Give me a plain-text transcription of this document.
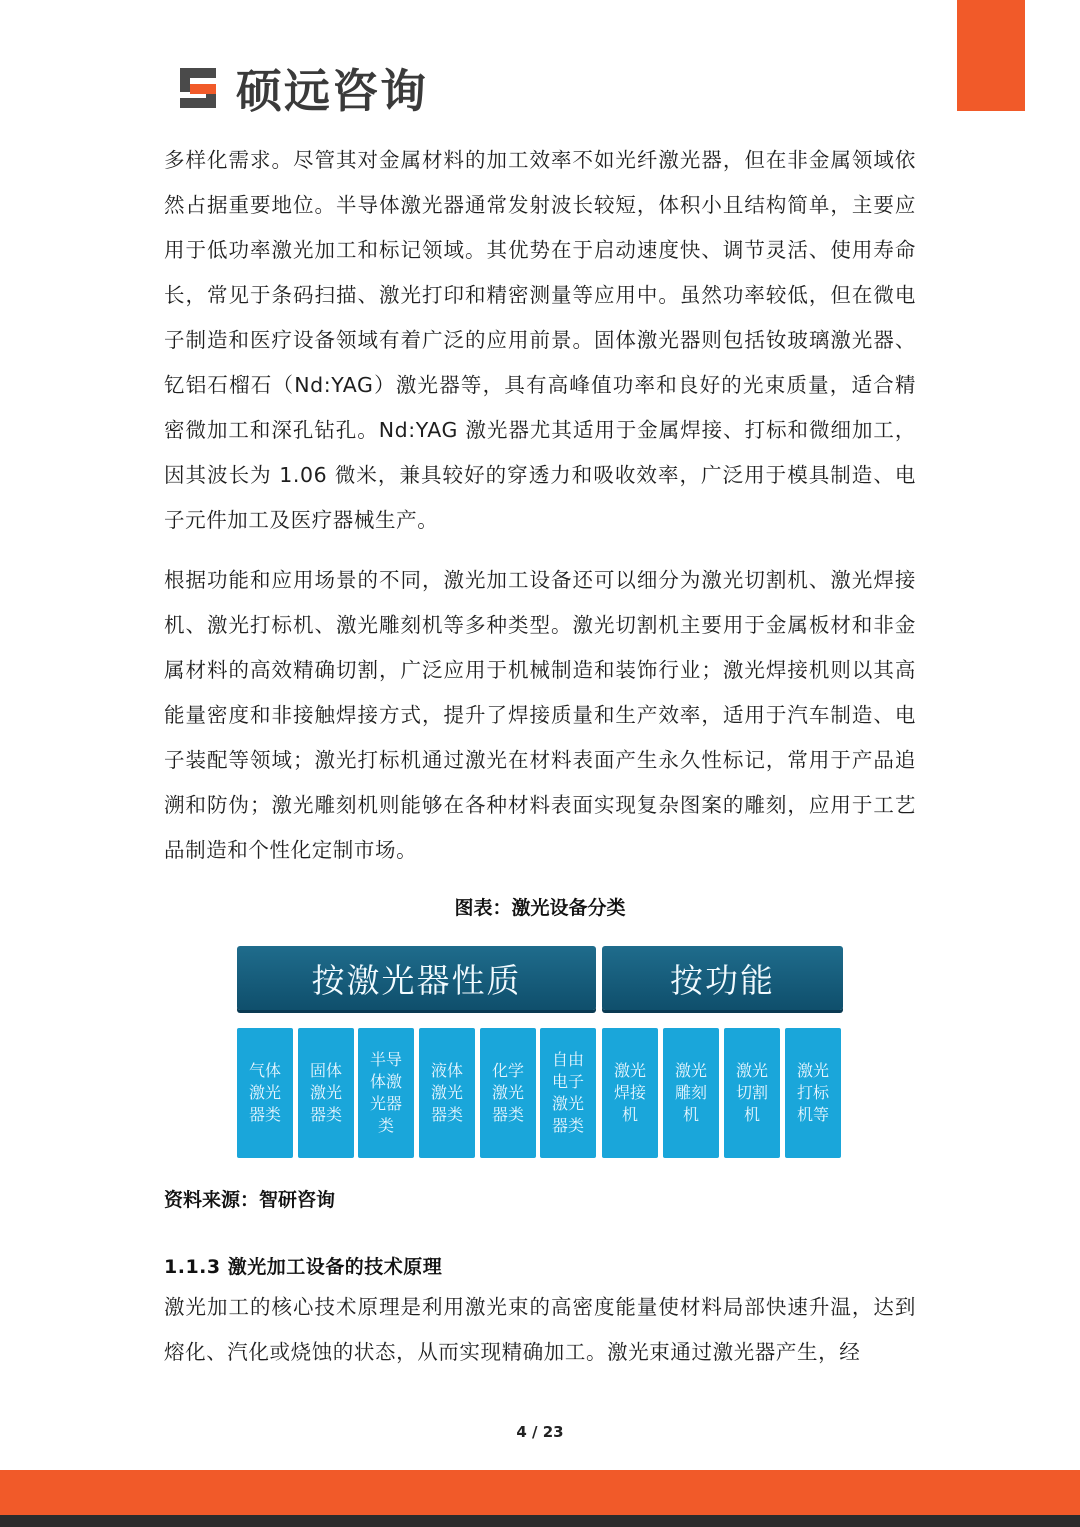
硕远咨询

多样化需求。尽管其对金属材料的加工效率不如光纤激光器，但在非金属领域依然占据重要地位。半导体激光器通常发射波长较短，体积小且结构简单，主要应用于低功率激光加工和标记领域。其优势在于启动速度快、调节灵活、使用寿命长，常见于条码扫描、激光打印和精密测量等应用中。虽然功率较低，但在微电子制造和医疗设备领域有着广泛的应用前景。固体激光器则包括钕玻璃激光器、钇铝石榴石（Nd:YAG）激光器等，具有高峰值功率和良好的光束质量，适合精密微加工和深孔钻孔。Nd:YAG 激光器尤其适用于金属焊接、打标和微细加工，因其波长为 1.06 微米，兼具较好的穿透力和吸收效率，广泛用于模具制造、电子元件加工及医疗器械生产。

根据功能和应用场景的不同，激光加工设备还可以细分为激光切割机、激光焊接机、激光打标机、激光雕刻机等多种类型。激光切割机主要用于金属板材和非金属材料的高效精确切割，广泛应用于机械制造和装饰行业；激光焊接机则以其高能量密度和非接触焊接方式，提升了焊接质量和生产效率，适用于汽车制造、电子装配等领域；激光打标机通过激光在材料表面产生永久性标记，常用于产品追溯和防伪；激光雕刻机则能够在各种材料表面实现复杂图案的雕刻，应用于工艺品制造和个性化定制市场。

图表：激光设备分类
按激光器性质	按功能
气体激光器类
固体激光器类
半导体激光器类
液体激光器类
化学激光器类
自由电子激光器类
激光焊接机
激光雕刻机
激光切割机
激光打标机等
资料来源：智研咨询
1.1.3 激光加工设备的技术原理

激光加工的核心技术原理是利用激光束的高密度能量使材料局部快速升温，达到熔化、汽化或烧蚀的状态，从而实现精确加工。激光束通过激光器产生，经

4 / 23
